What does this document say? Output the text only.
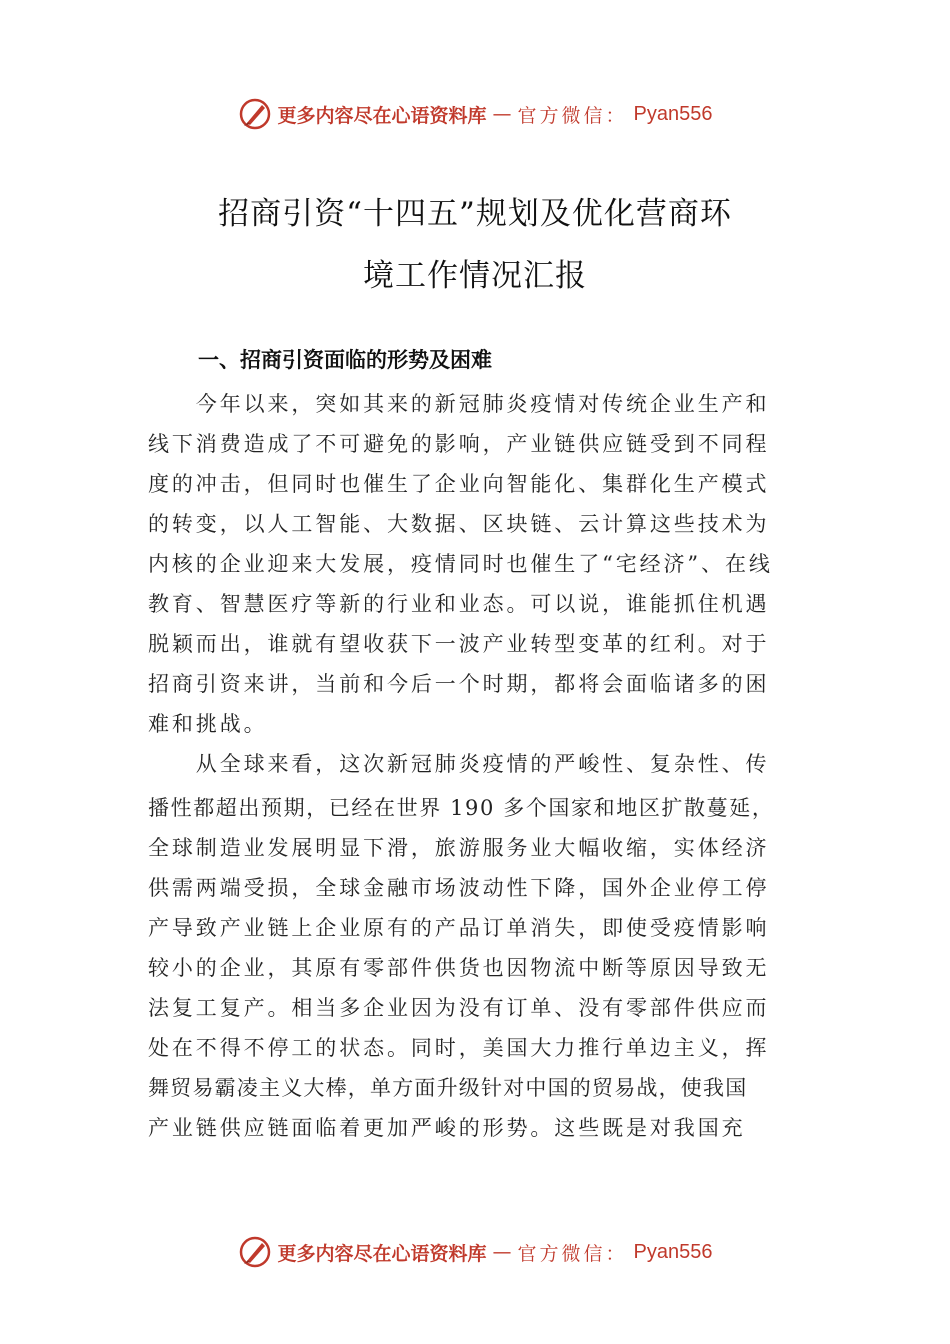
更多内容尽在心语资料库 — 官方微信： Pyan556
招商引资“十四五”规划及优化营商环
境工作情况汇报
一、招商引资面临的形势及困难
　　今年以来，突如其来的新冠肺炎疫情对传统企业生产和
线下消费造成了不可避免的影响，产业链供应链受到不同程
度的冲击，但同时也催生了企业向智能化、集群化生产模式
的转变，以人工智能、大数据、区块链、云计算这些技术为
内核的企业迎来大发展，疫情同时也催生了“宅经济”、在线
教育、智慧医疗等新的行业和业态。可以说，谁能抓住机遇
脱颖而出，谁就有望收获下一波产业转型变革的红利。对于
招商引资来讲，当前和今后一个时期，都将会面临诸多的困
难和挑战。
　　从全球来看，这次新冠肺炎疫情的严峻性、复杂性、传
播性都超出预期，已经在世界 190 多个国家和地区扩散蔓延，
全球制造业发展明显下滑，旅游服务业大幅收缩，实体经济
供需两端受损，全球金融市场波动性下降，国外企业停工停
产导致产业链上企业原有的产品订单消失，即使受疫情影响
较小的企业，其原有零部件供货也因物流中断等原因导致无
法复工复产。相当多企业因为没有订单、没有零部件供应而
处在不得不停工的状态。同时，美国大力推行单边主义，挥
舞贸易霸凌主义大棒，单方面升级针对中国的贸易战，使我国
产业链供应链面临着更加严峻的形势。这些既是对我国充
更多内容尽在心语资料库 — 官方微信： Pyan556
